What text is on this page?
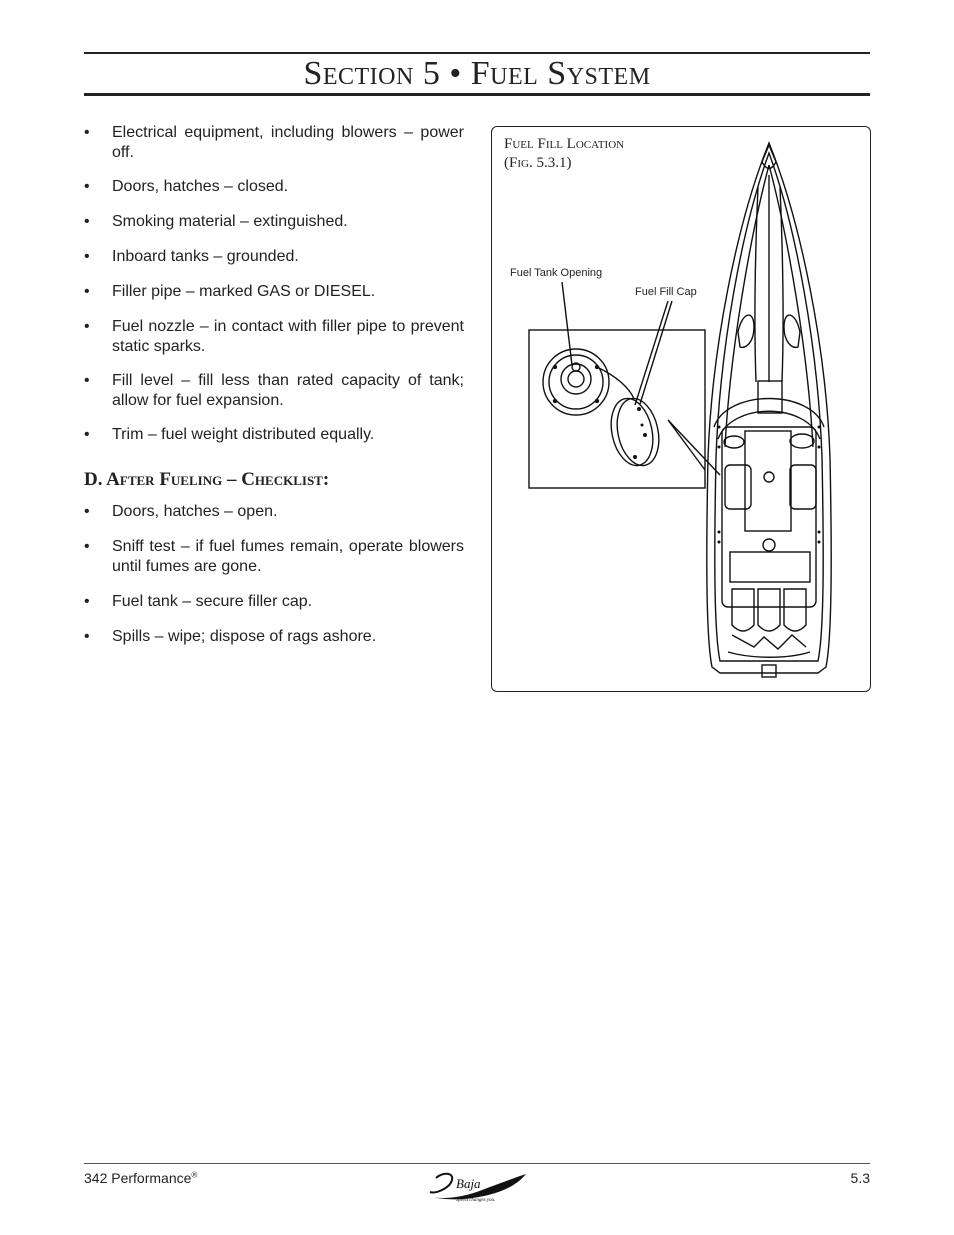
Section 5 • Fuel System
• Electrical equipment, including blowers – power off.
• Doors, hatches – closed.
• Smoking material – extinguished.
• Inboard tanks – grounded.
• Filler pipe – marked GAS or DIESEL.
• Fuel nozzle – in contact with filler pipe to prevent static sparks.
• Fill level – fill less than rated capacity of tank; allow for fuel expansion.
• Trim – fuel weight distributed equally.
D. After Fueling – Checklist:
• Doors, hatches – open.
• Sniff test – if fuel fumes remain, operate blowers until fumes are gone.
• Fuel tank – secure filler cap.
• Spills – wipe; dispose of rags ashore.
Fuel Fill Location
(Fig. 5.3.1)
Fuel Tank Opening
Fuel Fill Cap
342 Performance®
Baja
Speed changes you.
5.3
